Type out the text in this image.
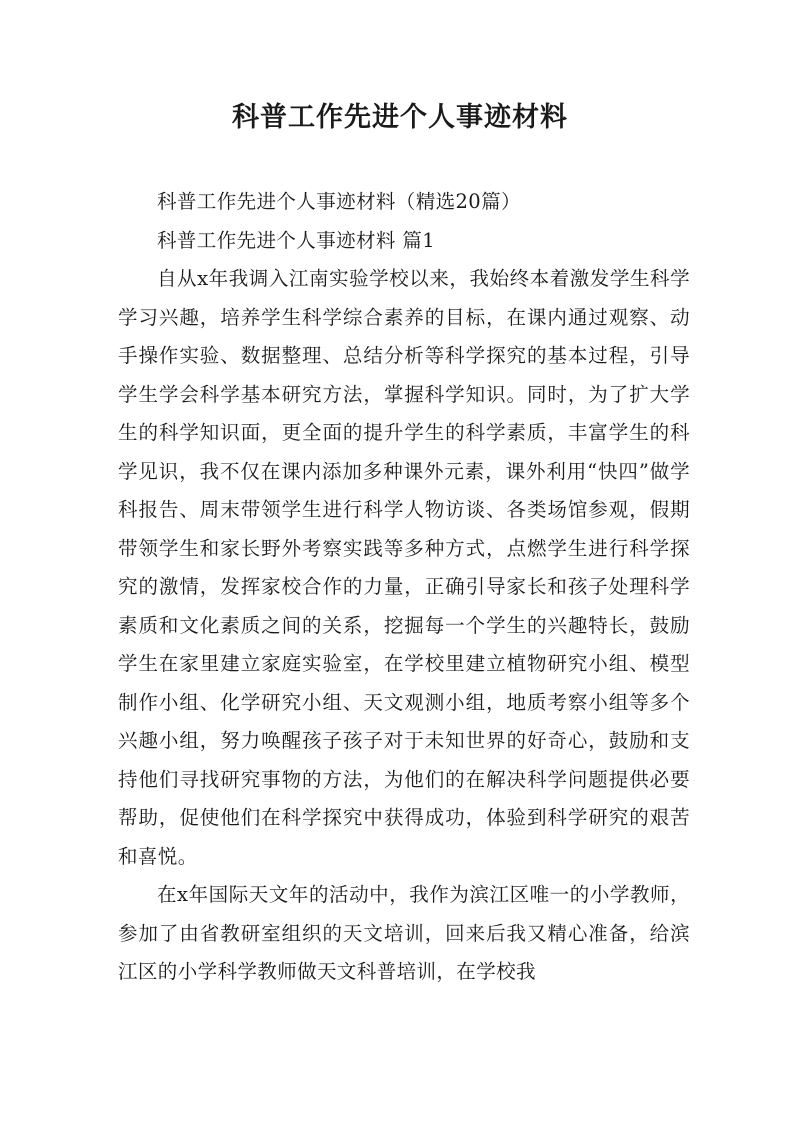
科普工作先进个人事迹材料

科普工作先进个人事迹材料（精选20篇）

科普工作先进个人事迹材料 篇1

自从x年我调入江南实验学校以来，我始终本着激发学生科学学习兴趣，培养学生科学综合素养的目标，在课内通过观察、动手操作实验、数据整理、总结分析等科学探究的基本过程，引导学生学会科学基本研究方法，掌握科学知识。同时，为了扩大学生的科学知识面，更全面的提升学生的科学素质，丰富学生的科学见识，我不仅在课内添加多种课外元素，课外利用“快四”做学科报告、周末带领学生进行科学人物访谈、各类场馆参观，假期带领学生和家长野外考察实践等多种方式，点燃学生进行科学探究的激情，发挥家校合作的力量，正确引导家长和孩子处理科学素质和文化素质之间的关系，挖掘每一个学生的兴趣特长，鼓励学生在家里建立家庭实验室，在学校里建立植物研究小组、模型制作小组、化学研究小组、天文观测小组，地质考察小组等多个兴趣小组，努力唤醒孩子孩子对于未知世界的好奇心，鼓励和支持他们寻找研究事物的方法，为他们的在解决科学问题提供必要帮助，促使他们在科学探究中获得成功，体验到科学研究的艰苦和喜悦。

在x年国际天文年的活动中，我作为滨江区唯一的小学教师，参加了由省教研室组织的天文培训，回来后我又精心准备，给滨江区的小学科学教师做天文科普培训，在学校我
